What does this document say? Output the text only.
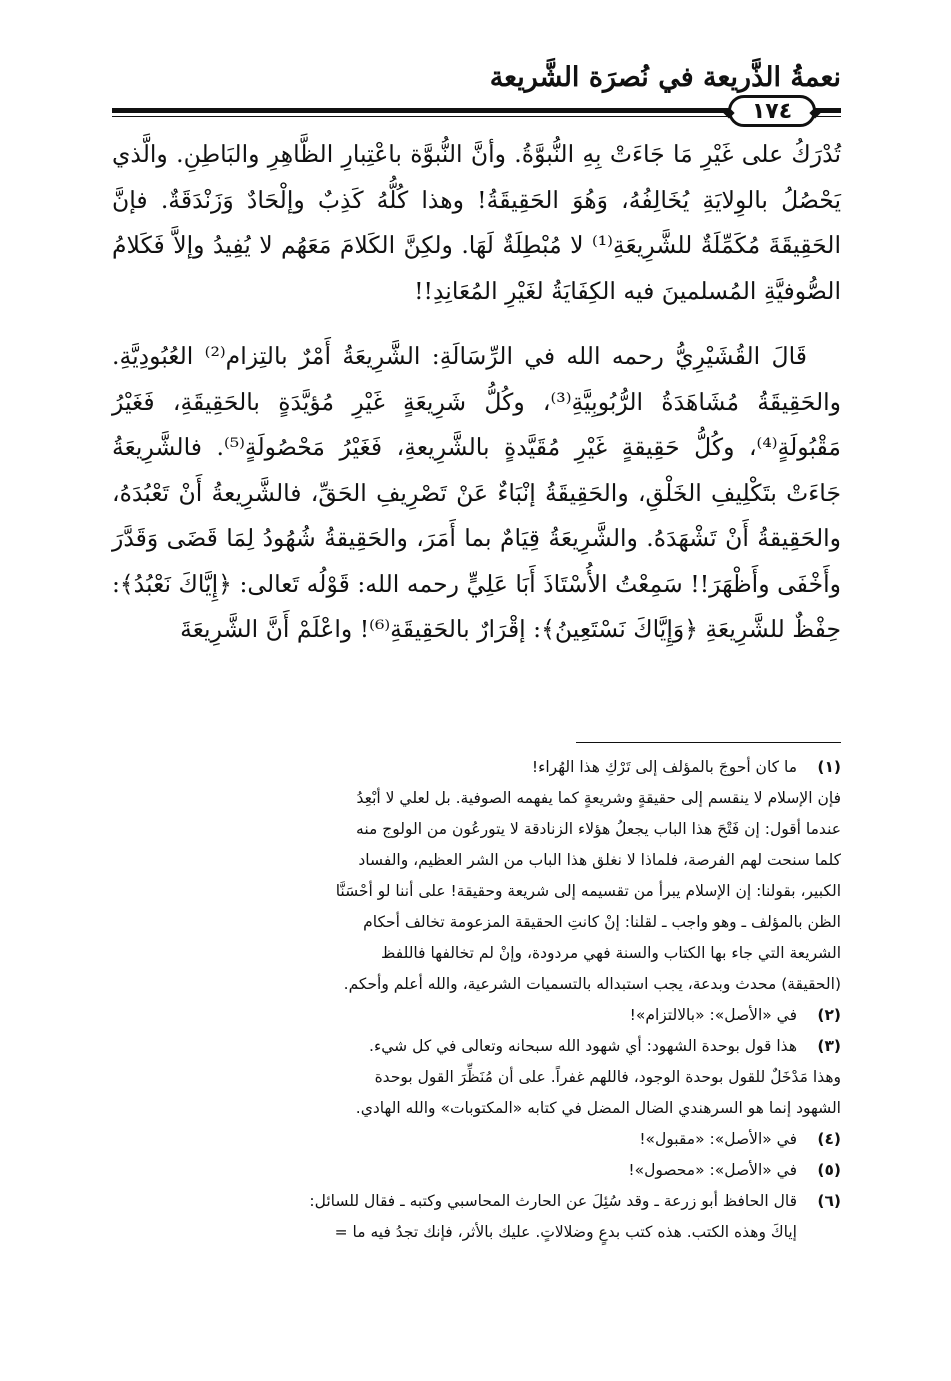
نعمةُ الذَّريعة في نُصرَة الشَّريعة
١٧٤

تُدْرَكُ على غَيْرِ مَا جَاءَتْ بِهِ النُّبوَّةُ. وأنَّ النُّبوَّة باعْتِبارِ الظَّاهِرِ والبَاطِنِ. والَّذي يَحْصُلُ بالوِلايَةِ يُخَالِفُهُ، وَهُوَ الحَقِيقَةُ! وهذا كُلُّهُ كَذِبٌ وإلْحَادٌ وَزَنْدَقَةٌ. فإنَّ الحَقِيقَةَ مُكَمِّلَةٌ للشَّرِيعَةِ⁽¹⁾ لا مُبْطِلَةٌ لَهَا. ولكِنَّ الكَلامَ مَعَهُم لا يُفِيدُ وإلاَّ فَكَلامُ الصُّوفيَّةِ المُسلمينَ فيه الكِفَايَةُ لغَيْرِ المُعَانِدِ!!

قَالَ القُشَيْرِيُّ رحمه الله في الرِّسَالَةِ: الشَّرِيعَةُ أَمْرٌ بالتِزام⁽²⁾ العُبُودِيَّةِ. والحَقِيقَةُ مُشَاهَدَةُ الرُّبُوبِيَّةِ⁽³⁾، وكُلُّ شَرِيعَةٍ غَيْرِ مُؤيَّدَةٍ بالحَقِيقَةِ، فَغَيْرُ مَقْبُولَةٍ⁽⁴⁾، وكُلُّ حَقِيقةٍ غَيْرِ مُقَيَّدةٍ بالشَّرِيعةِ، فَغَيْرُ مَحْصُولَةٍ⁽⁵⁾. فالشَّرِيعَةُ جَاءَتْ بتَكْلِيفِ الخَلْقِ، والحَقِيقَةُ إنْبَاءٌ عَنْ تَصْرِيفِ الحَقِّ، فالشَّرِيعةُ أَنْ تَعْبُدَهُ، والحَقِيقةُ أَنْ تَشْهَدَهُ. والشَّرِيعَةُ قِيَامٌ بما أَمَرَ، والحَقِيقةُ شُهُودُ لِمَا قَضَى وَقَدَّرَ وأَخْفَى وأَظْهَرَ!! سَمِعْتُ الأُسْتَاذَ أَبَا عَلِيٍّ رحمه الله: قَوْلُه تَعالى: ﴿إِيَّاكَ نَعْبُدُ﴾: حِفْظٌ للشَّرِيعَةِ ﴿وَإِيَّاكَ نَسْتَعِينُ﴾: إقْرَارٌ بالحَقِيقَةِ⁽⁶⁾! واعْلَمْ أَنَّ الشَّرِيعَةَ

(١)
ما كان أحوجَ بالمؤلف إلى تَرْكِ هذا الهُراء!
فإن الإسلام لا ينقسم إلى حقيقةٍ وشريعةٍ كما يفهمه الصوفية. بل لعلي لا أبْعِدُ
عندما أقول: إن فَتْحَ هذا الباب يجعلُ هؤلاء الزنادقة لا يتورعُون من الولوج منه
كلما سنحت لهم الفرصة، فلماذا لا نغلق هذا الباب من الشر العظيم، والفساد
الكبير، بقولنا: إن الإسلام يبرأ من تقسيمه إلى شريعة وحقيقة! على أننا لو أحْسَنَّا
الظن بالمؤلف ـ وهو واجب ـ لقلنا: إنْ كانتِ الحقيقة المزعومة تخالف أحكام
الشريعة التي جاء بها الكتاب والسنة فهي مردودة، وإنْ لم تخالفها فاللفظ
(الحقيقة) محدث وبدعة، يجب استبداله بالتسميات الشرعية، والله أعلم وأحكم.
(٢)
في «الأصل»: «بالالتزام»!
(٣)
هذا قول بوحدة الشهود: أي شهود الله سبحانه وتعالى في كل شيء.
وهذا مَدْخَلٌ للقول بوحدة الوجود، فاللهم غفراً. على أن مُنَظِّرَ القول بوحدة
الشهود إنما هو السرهندي الضال المضل في كتابه «المكتوبات» والله الهادي.
(٤)
في «الأصل»: «مقبول»!
(٥)
في «الأصل»: «محصول»!
(٦)
قال الحافظ أبو زرعة ـ وقد سُئِلَ عن الحارث المحاسبي وكتبه ـ فقال للسائل:
إياكَ وهذه الكتب. هذه كتب بدعٍ وضلالاتٍ. عليك بالأثر، فإنك تجدُ فيه ما =
